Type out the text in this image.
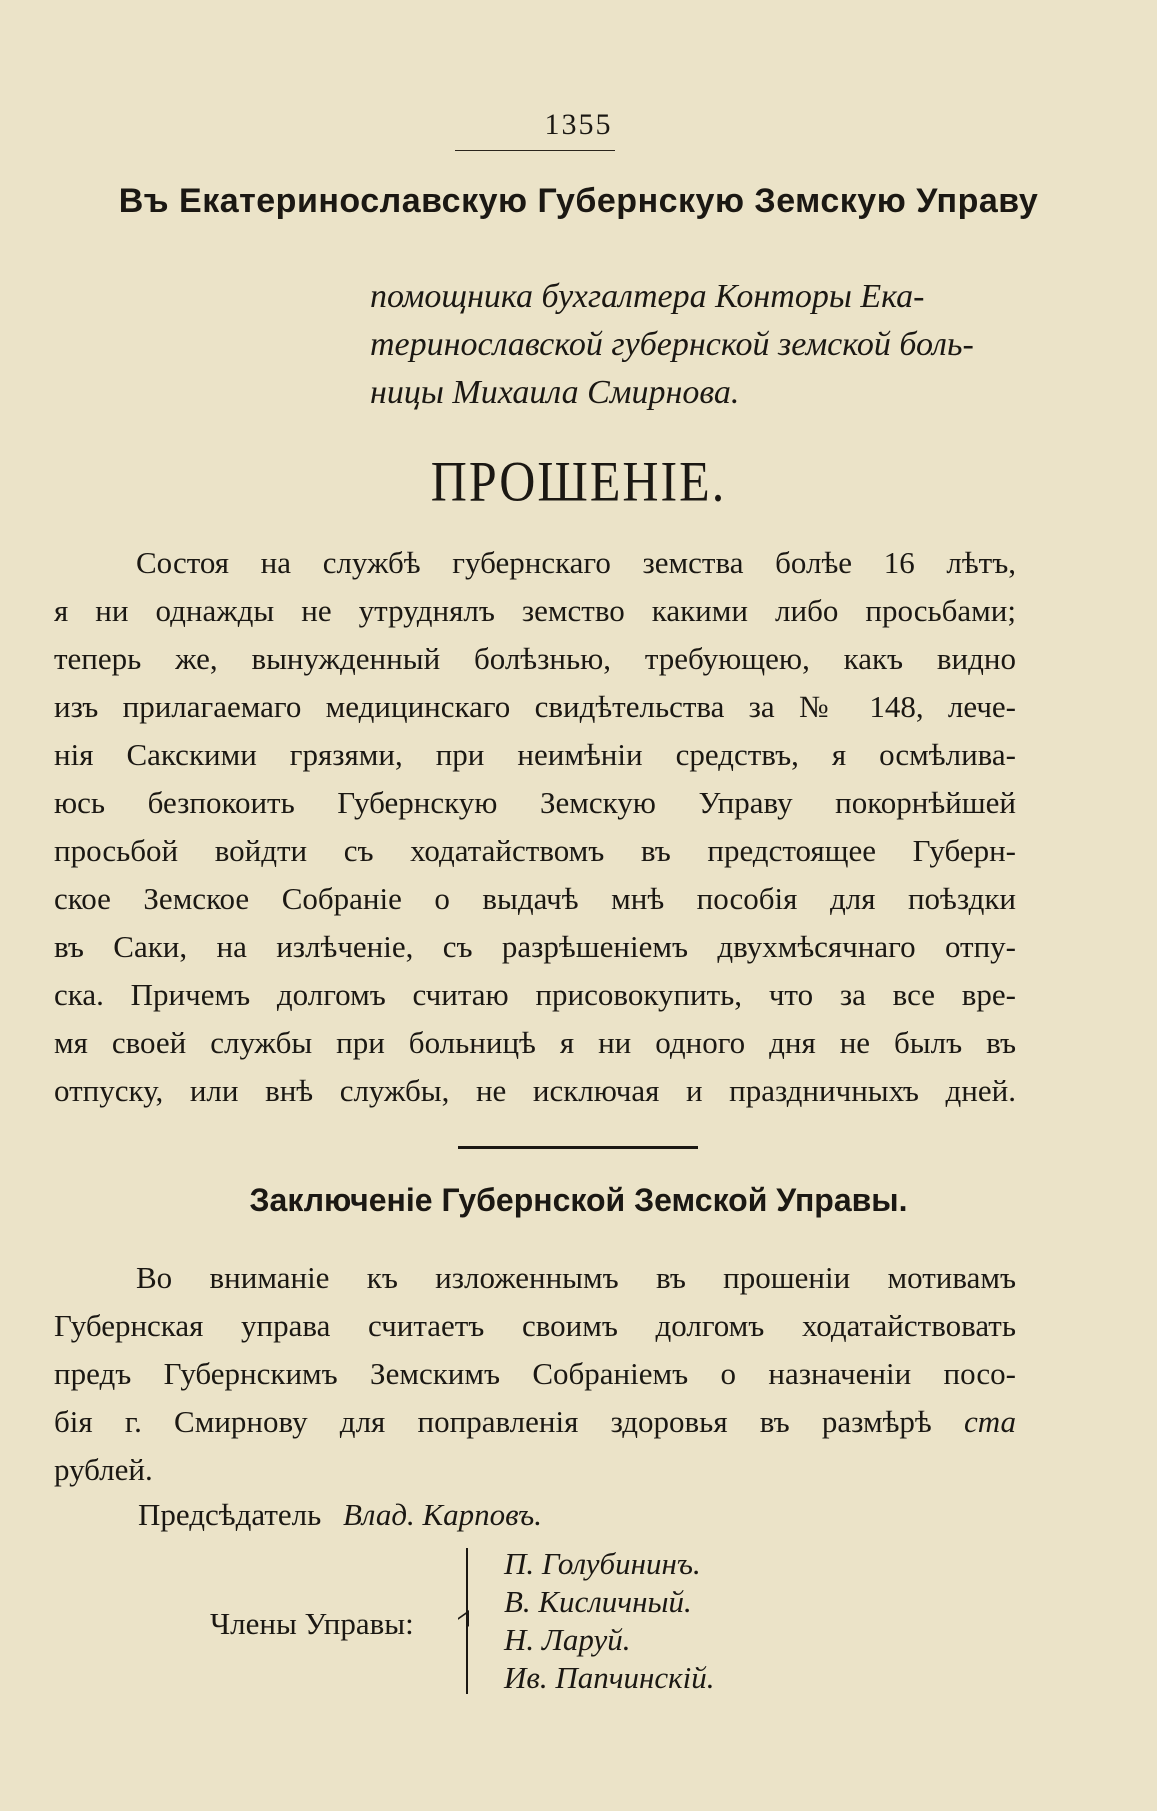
1355
Въ Екатеринославскую Губернскую Земскую Управу
помощника бухгалтера Конторы Ека-
теринославской губернской земской боль-
ницы Михаила Смирнова.
ПРОШЕНІЕ.
Состоя на службѣ губернскаго земства болѣе 16 лѣтъ,
я ни однажды не утруднялъ земство какими либо просьбами;
теперь же, вынужденный болѣзнью, требующею, какъ видно
изъ прилагаемаго медицинскаго свидѣтельства за № 148, лече-
нія Сакскими грязями, при неимѣніи средствъ, я осмѣлива-
юсь безпокоить Губернскую Земскую Управу покорнѣйшей
просьбой войдти съ ходатайствомъ въ предстоящее Губерн-
ское Земское Собраніе о выдачѣ мнѣ пособія для поѣздки
въ Саки, на излѣченіе, съ разрѣшеніемъ двухмѣсячнаго отпу-
ска. Причемъ долгомъ считаю присовокупить, что за все вре-
мя своей службы при больницѣ я ни одного дня не былъ въ
отпуску, или внѣ службы, не исключая и праздничныхъ дней.
Заключеніе Губернской Земской Управы.
Во вниманіе къ изложеннымъ въ прошеніи мотивамъ
Губернская управа считаетъ своимъ долгомъ ходатайствовать
предъ Губернскимъ Земскимъ Собраніемъ о назначеніи посо-
бія г. Смирнову для поправленія здоровья въ размѣрѣ ста
рублей.
Предсѣдатель Влад. Карповъ.
Члены Управы:
П. Голубининъ.
В. Кисличный.
Н. Ларуй.
Ив. Папчинскій.
